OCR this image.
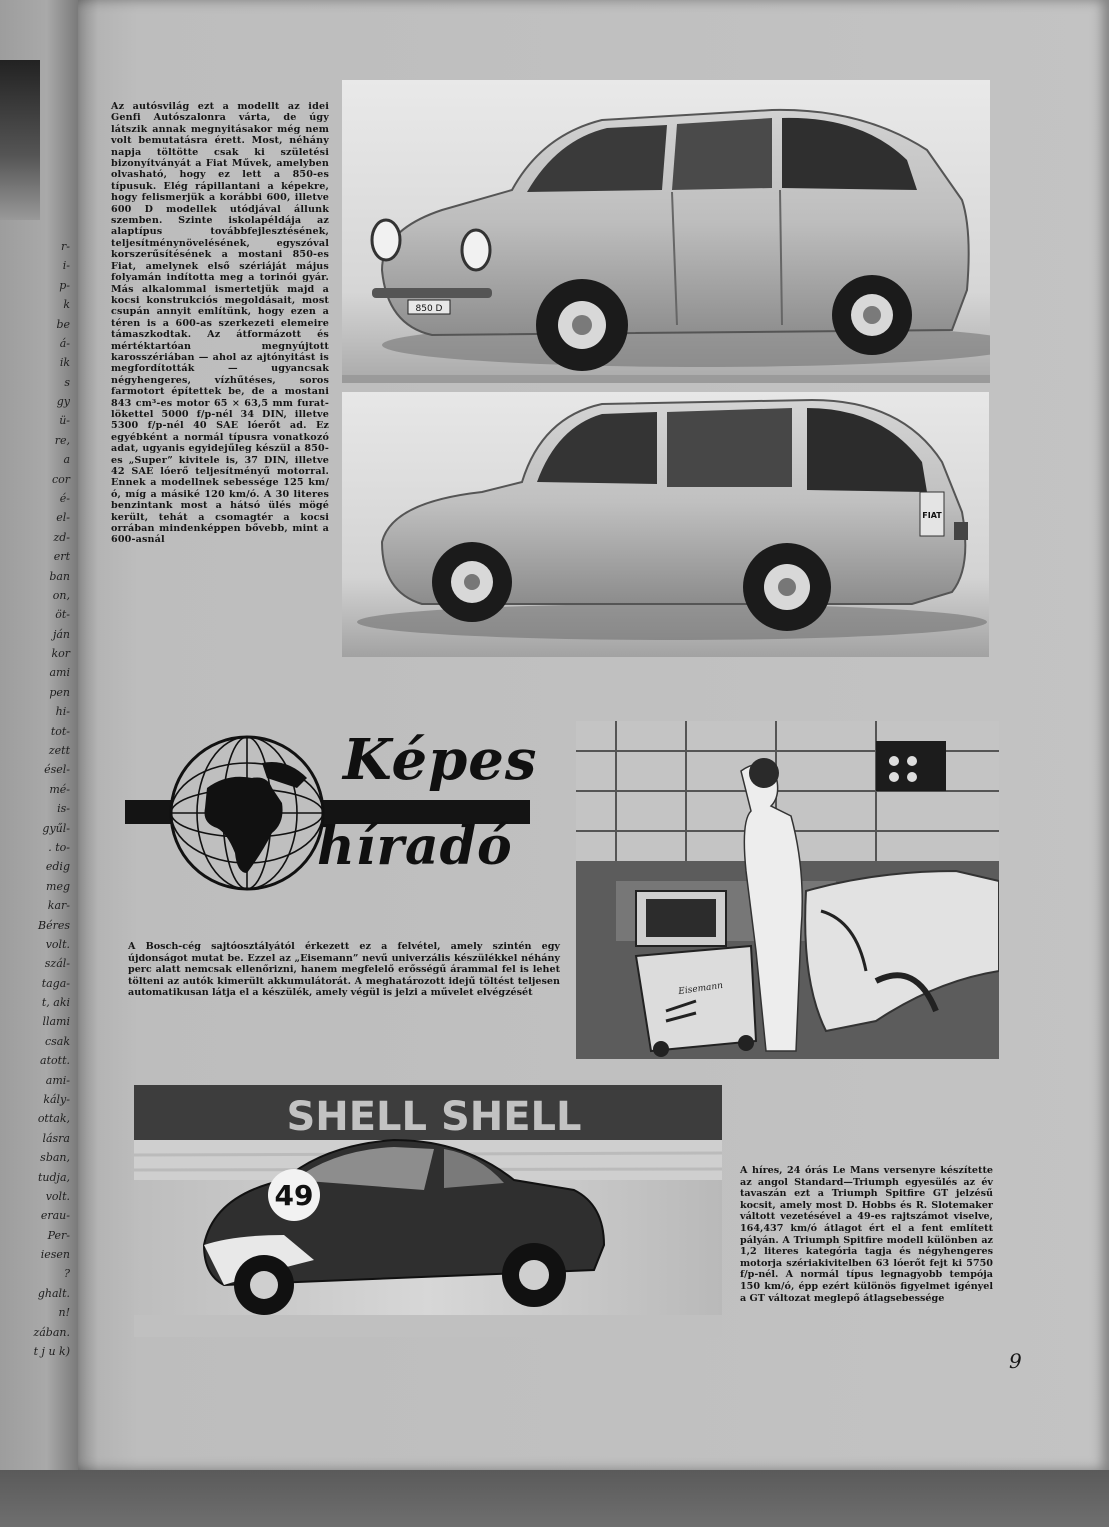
r-
i-
p-
k
be
á-
ik
s
gy
ü-
re,
a
cor
é-
el-
zd-
ert
ban
on,
öt-
ján
kor
ami
pen
hi-
tot-
zett
ésel-
mé-
is-
gyűl-
. to-
edig
meg
kar-
Béres
volt.
szál-
taga-
t, aki
llami
csak
atott.
ami-
kály-
ottak,
lásra
sban,
tudja,
volt.
erau-
Per-
iesen
?
ghalt.
n!
zában.
t j u k)

Az autósvilág ezt a modellt az idei Genfi Autószalonra várta, de úgy látszik annak megnyitásakor még nem volt bemutatásra érett. Most, néhány napja töltötte csak ki születési bizonyítványát a Fiat Művek, amelyben olvasható, hogy ez lett a 850-es típusuk. Elég rápillantani a képekre, hogy felismerjük a korábbi 600, illetve 600 D modellek utódjával állunk szemben. Szinte iskolapéldája az alaptípus továbbfejlesztésének, teljesítménynövelésének, egyszóval korszerűsítésének a mostani 850-es Fiat, amelynek első szériáját május folyamán indította meg a torinói gyár. Más alkalommal ismertetjük majd a kocsi konstrukciós megoldásait, most csupán annyit említünk, hogy ezen a téren is a 600-as szerkezeti elemeire támaszkodtak. Az átformázott és mértéktartóan megnyújtott karosszériában — ahol az ajtónyitást is megfordították — ugyancsak négyhengeres, vízhűtéses, soros farmotort építettek be, de a mostani 843 cm³-es motor 65 × 63,5 mm furat-lökettel 5000 f/p-nél 34 DIN, illetve 5300 f/p-nél 40 SAE lóerőt ad. Ez egyébként a normál típusra vonatkozó adat, ugyanis egyidejűleg készül a 850-es „Super” kivitele is, 37 DIN, illetve 42 SAE lóerő teljesítményű motorral. Ennek a modellnek sebessége 125 km/ó, míg a másiké 120 km/ó. A 30 literes benzintank most a hátsó ülés mögé került, tehát a csomagtér a kocsi orrában mindenképpen bővebb, mint a 600-asnál

850 D
FIAT
Képes
híradó
Eisemann
A Bosch-cég sajtóosztályától érkezett ez a felvétel, amely szintén egy újdonságot mutat be. Ezzel az „Eisemann” nevű univerzális készülékkel néhány perc alatt nemcsak ellenőrizni, hanem megfelelő erősségű árammal fel is lehet tölteni az autók kimerült akkumulátorát. A meghatározott idejű töltést teljesen automatikusan látja el a készülék, amely végül is jelzi a művelet elvégzését
SHELL SHELL
49
A híres, 24 órás Le Mans versenyre készítette az angol Standard—Triumph egyesülés az év tavaszán ezt a Triumph Spitfire GT jelzésű kocsit, amely most D. Hobbs és R. Slotemaker váltott vezetésével a 49-es rajtszámot viselve, 164,437 km/ó átlagot ért el a fent említett pályán. A Triumph Spitfire modell különben az 1,2 literes kategória tagja és négyhengeres motorja szériakivitelben 63 lóerőt fejt ki 5750 f/p-nél. A normál típus legnagyobb tempója 150 km/ó, épp ezért különös figyelmet igényel a GT változat meglepő átlagsebessége
9
